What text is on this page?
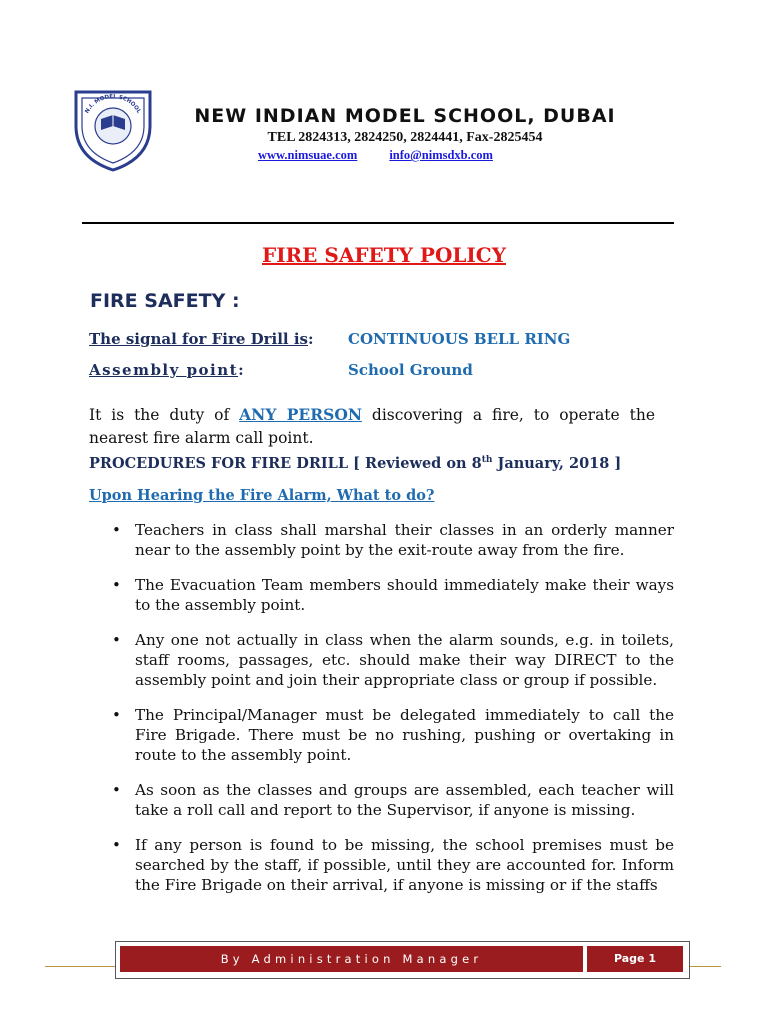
N.I. MODEL SCHOOL	NEW INDIAN MODEL SCHOOL, DUBAI
TEL 2824313, 2824250, 2824441, Fax-2825454
www.nimsuae.com	info@nimsdxb.com
FIRE SAFETY POLICY
FIRE SAFETY :
The signal for Fire Drill is: CONTINUOUS BELL RING
Assembly point:	School Ground
It is the duty of ANY PERSON discovering a fire, to operate the nearest fire alarm call point.
PROCEDURES FOR FIRE DRILL [ Reviewed on 8th January, 2018 ]
Upon Hearing the Fire Alarm, What to do?
• Teachers in class shall marshal their classes in an orderly manner near to the assembly point by the exit-route away from the fire.
• The Evacuation Team members should immediately make their ways to the assembly point.
• Any one not actually in class when the alarm sounds, e.g. in toilets, staff rooms, passages, etc. should make their way DIRECT to the assembly point and join their appropriate class or group if possible.
• The Principal/Manager must be delegated immediately to call the Fire Brigade. There must be no rushing, pushing or overtaking in route to the assembly point.
• As soon as the classes and groups are assembled, each teacher will take a roll call and report to the Supervisor, if anyone is missing.
• If any person is found to be missing, the school premises must be searched by the staff, if possible, until they are accounted for. Inform the Fire Brigade on their arrival, if anyone is missing or if the staffs
By Administration Manager	Page 1
